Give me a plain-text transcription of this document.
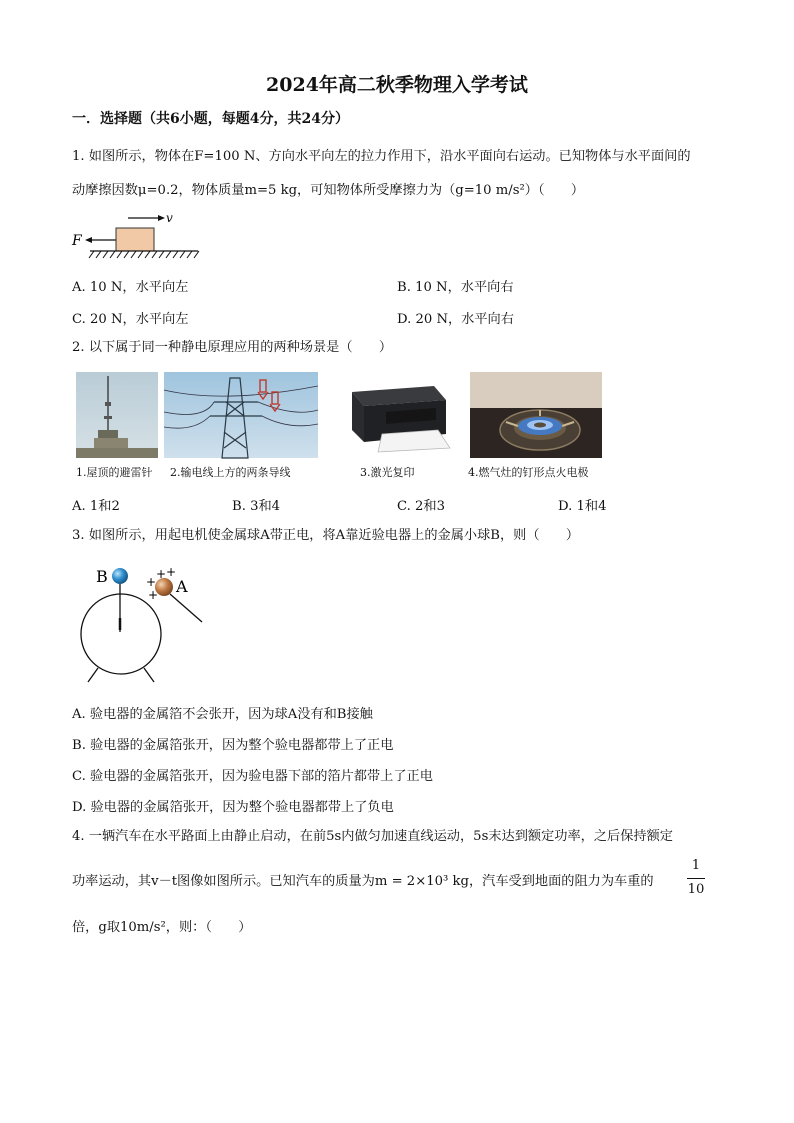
2024年高二秋季物理入学考试
一．选择题（共6小题，每题4分，共24分）
1. 如图所示，物体在F=100 N、方向水平向左的拉力作用下，沿水平面向右运动。已知物体与水平面间的
动摩擦因数μ=0.2，物体质量m=5 kg，可知物体所受摩擦力为（g=10 m/s²）（　　）
F
v
A. 10 N，水平向左	B. 10 N，水平向右
C. 20 N，水平向左	D. 20 N，水平向右
2. 以下属于同一种静电原理应用的两种场景是（　　）
1.屋顶的避雷针 2.输电线上方的两条导线	3.激光复印	4.燃气灶的钉形点火电极
A. 1和2	B. 3和4	C. 2和3	D. 1和4
3. 如图所示，用起电机使金属球A带正电，将A靠近验电器上的金属小球B，则（　　）
B
A
+
+ +
+
A. 验电器的金属箔不会张开，因为球A没有和B接触
B. 验电器的金属箔张开，因为整个验电器都带上了正电
C. 验电器的金属箔张开，因为验电器下部的箔片都带上了正电
D. 验电器的金属箔张开，因为整个验电器都带上了负电
4. 一辆汽车在水平路面上由静止启动，在前5s内做匀加速直线运动，5s末达到额定功率，之后保持额定
功率运动，其v－t图像如图所示。已知汽车的质量为m = 2×10³ kg，汽车受到地面的阻力为车重的
1
10
倍，g取10m/s²，则：（　　）
